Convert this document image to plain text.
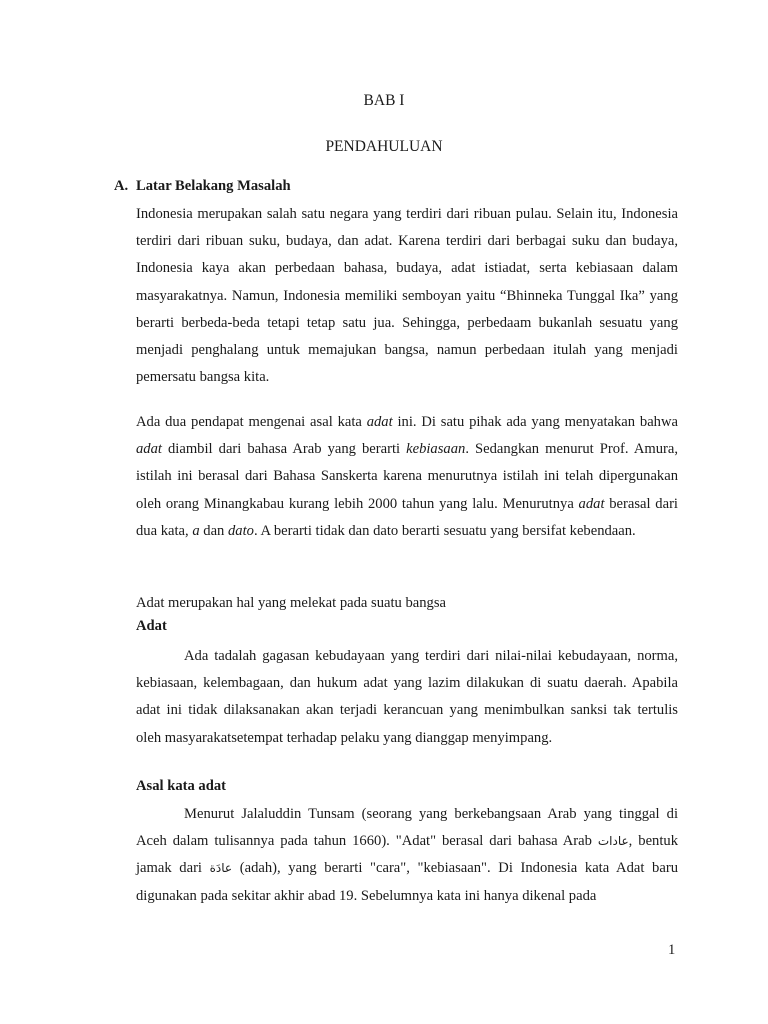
BAB I
PENDAHULUAN
A. Latar Belakang Masalah

Indonesia merupakan salah satu negara yang terdiri dari ribuan pulau. Selain itu, Indonesia terdiri dari ribuan suku, budaya, dan adat. Karena terdiri dari berbagai suku dan budaya, Indonesia kaya akan perbedaan bahasa, budaya, adat istiadat, serta kebiasaan dalam masyarakatnya. Namun, Indonesia memiliki semboyan yaitu “Bhinneka Tunggal Ika” yang berarti berbeda-beda tetapi tetap satu jua. Sehingga, perbedaam bukanlah sesuatu yang menjadi penghalang untuk memajukan bangsa, namun perbedaan itulah yang menjadi pemersatu bangsa kita.

Ada dua pendapat mengenai asal kata adat ini. Di satu pihak ada yang menyatakan bahwa adat diambil dari bahasa Arab yang berarti kebiasaan. Sedangkan menurut Prof. Amura, istilah ini berasal dari Bahasa Sanskerta karena menurutnya istilah ini telah dipergunakan oleh orang Minangkabau kurang lebih 2000 tahun yang lalu. Menurutnya adat berasal dari dua kata, a dan dato. A berarti tidak dan dato berarti sesuatu yang bersifat kebendaan.

Adat merupakan hal yang melekat pada suatu bangsa

Adat

Ada tadalah gagasan kebudayaan yang terdiri dari nilai-nilai kebudayaan, norma, kebiasaan, kelembagaan, dan hukum adat yang lazim dilakukan di suatu daerah. Apabila adat ini tidak dilaksanakan akan terjadi kerancuan yang menimbulkan sanksi tak tertulis oleh masyarakatsetempat terhadap pelaku yang dianggap menyimpang.

Asal kata adat

Menurut Jalaluddin Tunsam (seorang yang berkebangsaan Arab yang tinggal di Aceh dalam tulisannya pada tahun 1660). "Adat" berasal dari bahasa Arab عادات, bentuk jamak dari عادَة (adah), yang berarti "cara", "kebiasaan". Di Indonesia kata Adat baru digunakan pada sekitar akhir abad 19. Sebelumnya kata ini hanya dikenal pada

1
